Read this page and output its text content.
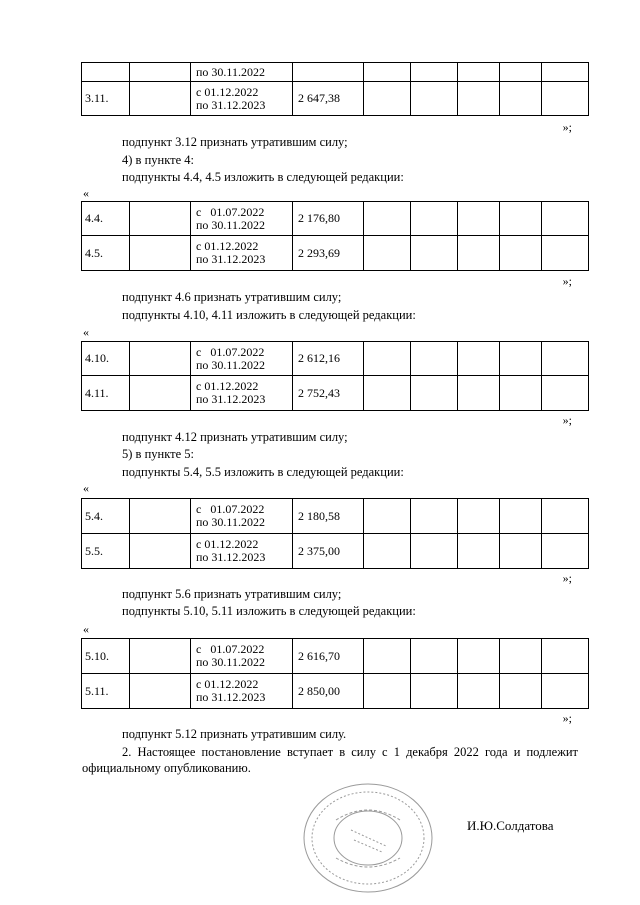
		по 30.11.2022						

3.11.		с 01.12.2022
по 31.12.2023	2 647,38					
»;
подпункт 3.12 признать утратившим силу;
4) в пункте 4:
подпункты 4.4, 4.5 изложить в следующей редакции:
«
4.4.		с   01.07.2022
по 30.11.2022	2 176,80					
4.5.		с 01.12.2022
по 31.12.2023	2 293,69					
»;
подпункт 4.6 признать утратившим силу;
подпункты 4.10, 4.11 изложить в следующей редакции:
«
4.10.		с   01.07.2022
по 30.11.2022	2 612,16					
4.11.		с 01.12.2022
по 31.12.2023	2 752,43					
»;
подпункт 4.12 признать утратившим силу;
5) в пункте 5:
подпункты 5.4, 5.5 изложить в следующей редакции:
«
5.4.		с   01.07.2022
по 30.11.2022	2 180,58					
5.5.		с 01.12.2022
по 31.12.2023	2 375,00					
»;
подпункт 5.6 признать утратившим силу;
подпункты 5.10, 5.11 изложить в следующей редакции:
«
5.10.		с   01.07.2022
по 30.11.2022	2 616,70					
5.11.		с 01.12.2022
по 31.12.2023	2 850,00					
»;
подпункт 5.12 признать утратившим силу.
2. Настоящее постановление вступает в силу с 1 декабря 2022 года и подлежит официальному опубликованию.
И.Ю.Солдатова
